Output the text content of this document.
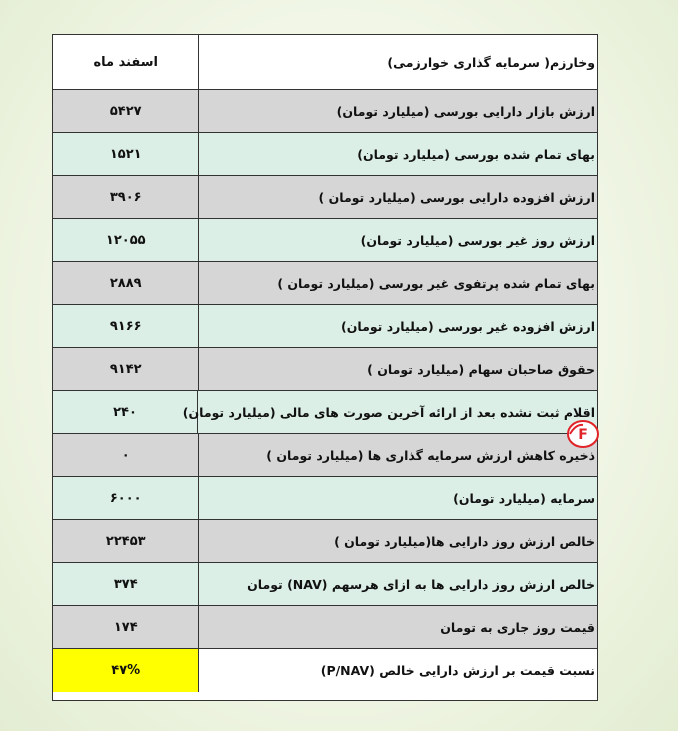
وخارزم( سرمایه گذاری خوارزمی)
اسفند ماه
ارزش بازار دارایی بورسی (میلیارد تومان)
۵۴۲۷
بهای تمام شده بورسی (میلیارد تومان)
۱۵۲۱
ارزش افزوده دارایی بورسی (میلیارد تومان )
۳۹۰۶
ارزش روز غیر بورسی (میلیارد تومان)
۱۲۰۵۵
بهای تمام شده پرتفوی غیر بورسی (میلیارد تومان )
۲۸۸۹
ارزش افزوده غیر بورسی (میلیارد تومان)
۹۱۶۶
حقوق صاحبان سهام (میلیارد تومان )
۹۱۴۲
اقلام ثبت نشده بعد از ارائه آخرین صورت های مالی (میلیارد تومان)
۲۴۰
ذخیره کاهش ارزش سرمایه گذاری ها (میلیارد تومان )
۰
سرمایه (میلیارد تومان)
۶۰۰۰
خالص ارزش روز دارایی ها(میلیارد تومان )
۲۲۴۵۳
خالص ارزش روز دارایی ها به ازای هرسهم (NAV) تومان
۳۷۴
قیمت روز جاری به تومان
۱۷۴
نسبت قیمت بر ارزش دارایی خالص (P/NAV)
۴۷%
F
